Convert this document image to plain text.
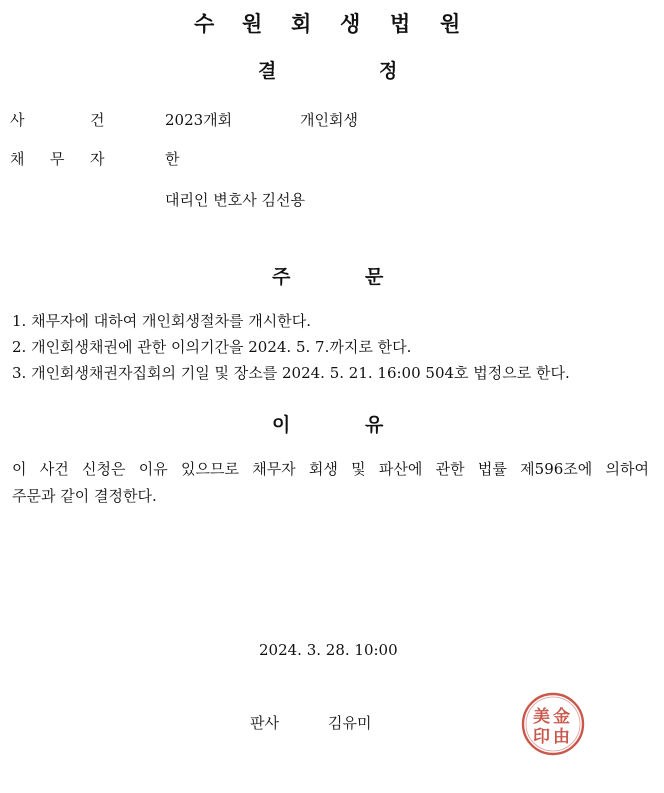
수 원 회 생 법 원
결	정
사	건	2023개회	개인회생
채 무 자	한
대리인 변호사 김선용
주	문
1. 채무자에 대하여 개인회생절차를 개시한다.
2. 개인회생채권에 관한 이의기간을 2024. 5. 7.까지로 한다.
3. 개인회생채권자집회의 기일 및 장소를 2024. 5. 21. 16:00 504호 법정으로 한다.
이	유
이 사건 신청은 이유 있으므로 채무자 회생 및 파산에 관한 법률 제596조에 의하여
주문과 같이 결정한다.
2024. 3. 28. 10:00
판사	김유미	美 金
印 由
